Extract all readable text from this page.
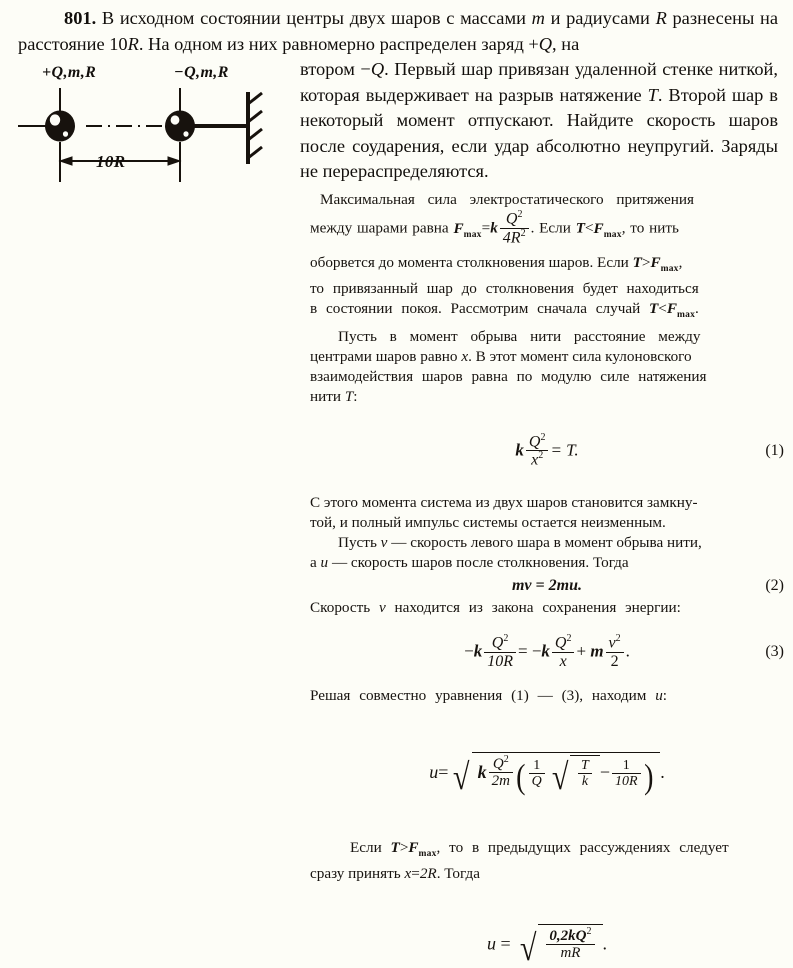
801. В исходном состоянии центры двух шаров с массами m и радиусами R разнесены на расстояние 10R. На одном из них равномерно распределен заряд +Q, на
втором −Q. Первый шар привязан удаленной стенке ниткой, которая выдерживает на разрыв натяжение T. Второй шар в некоторый момент отпускают. Найдите скорость шаров после соударения, если удар абсолютно неупругий. Заряды не перераспределяются.
+Q,m,R	−Q,m,R
10R

Максимальная сила электростатического притяжения

между шарами равна $F_{max}=k \frac{Q^2}{4R^2}$ . Если $T<F_{max}$, то нить

оборвется до момента столкновения шаров. Если $T>F_{max}$,

то привязанный шар до столкновения будет находиться

в состоянии покоя. Рассмотрим сначала случай $T<F_{max}$.

Пусть в момент обрыва нити расстояние между

центрами шаров равно x. В этот момент сила кулоновского

взаимодействия шаров равна по модулю силе натяжения

нити T:

k $\frac{Q^2}{x^2} = T$.	(1)

С этого момента система из двух шаров становится замкну-

той, и полный импульс системы остается неизменным.

Пусть v — скорость левого шара в момент обрыва нити,

а u — скорость шаров после столкновения. Тогда

mv = 2mu.	(2)

Скорость v находится из закона сохранения энергии:

$-k \frac{Q^2}{10R} = -k \frac{Q^2}{x} + m \frac{v^2}{2}$ .	(3)

Решая совместно уравнения (1) — (3), находим u:

u= √ k $\frac{Q^2}{2m}$ ( $\frac{1}{Q}$ √ $\frac{T}{k} - \frac{1}{10R}$ ) .

Если $T>F_{max}$, то в предыдущих рассуждениях следует

сразу принять x=2R. Тогда

u = √ $\frac{0,2kQ^2}{mR}$ .
